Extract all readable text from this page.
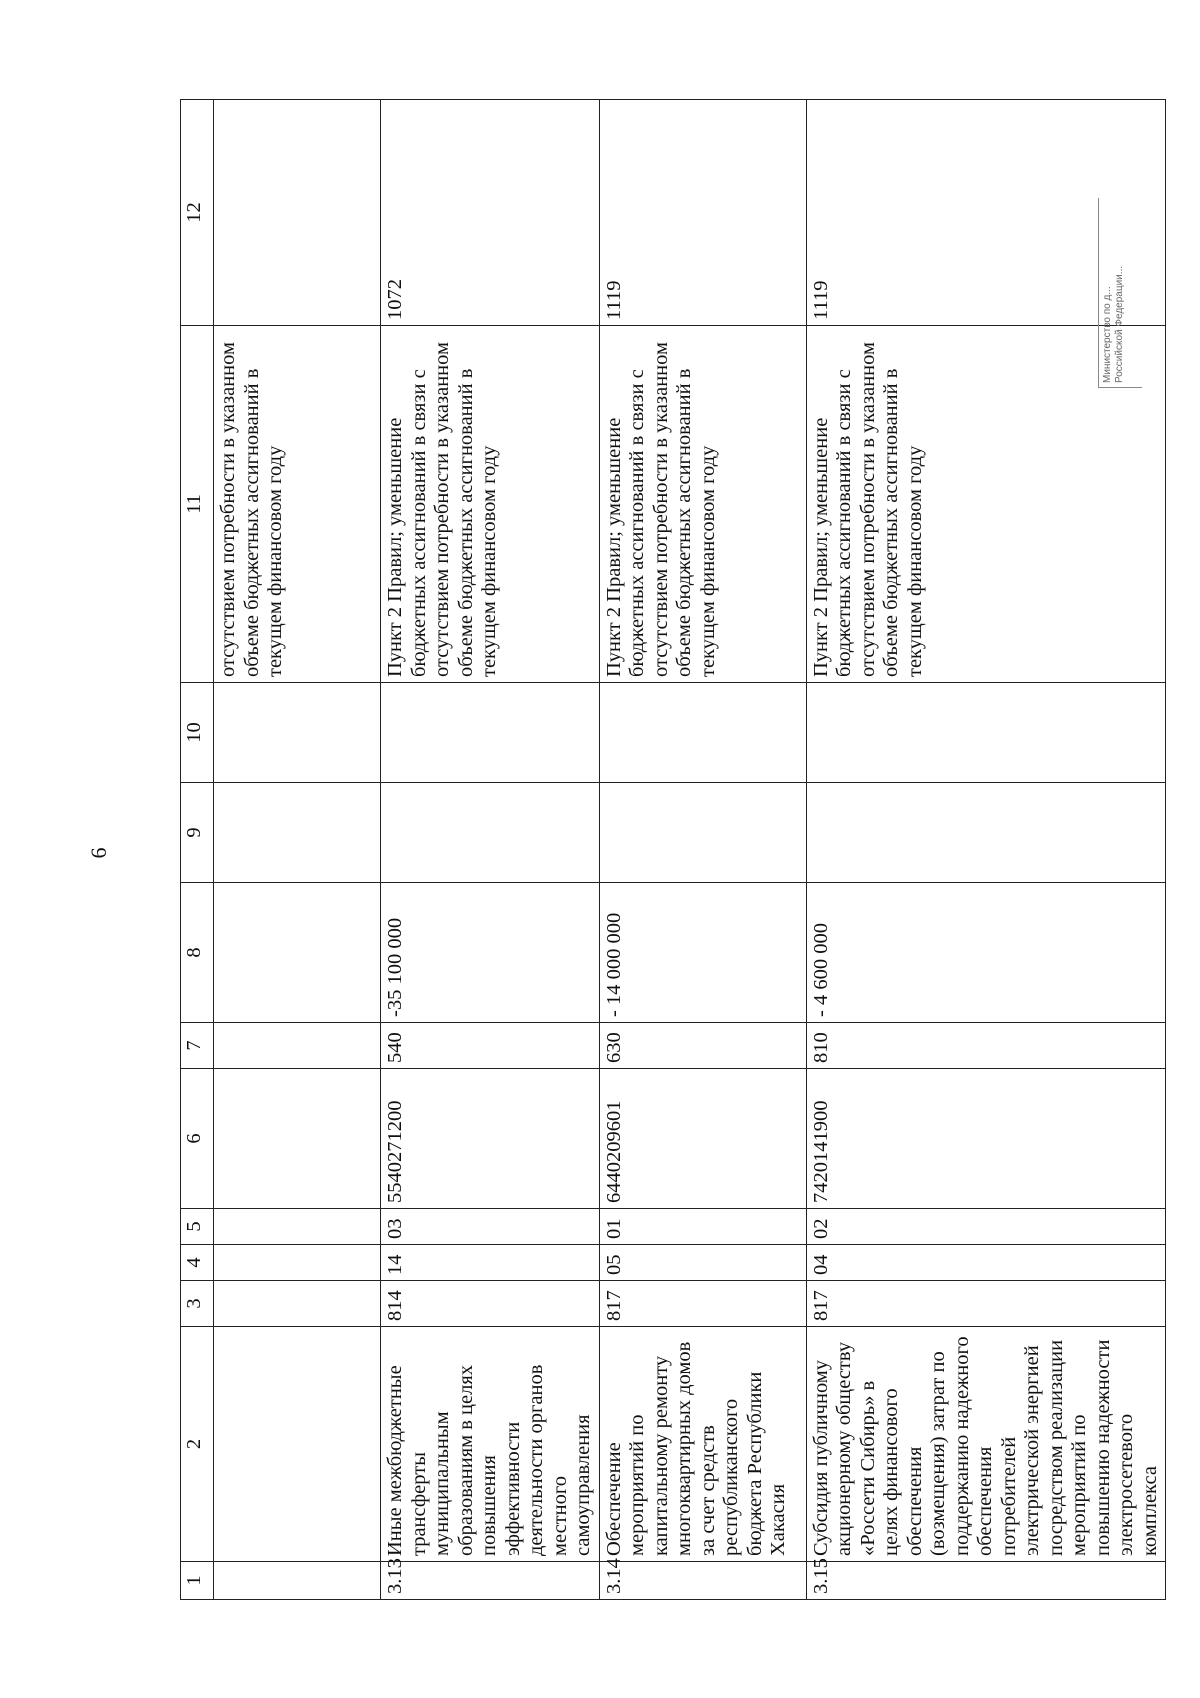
6
1	2	3	4	5	6	7	8	9	10	11	12
										отсутствием потребности в указанном объеме бюджетных ассигнований в текущем финансовом году	
3.13	Иные межбюджетные трансферты муниципальным образованиям в целях повышения эффективности деятельности органов местного самоуправления	814	14	03	5540271200	540	-35 100 000			Пункт 2 Правил; уменьшение бюджетных ассигнований в связи с отсутствием потребности в указанном объеме бюджетных ассигнований в текущем финансовом году	1072
3.14	Обеспечение мероприятий по капитальному ремонту многоквартирных домов за счет средств республиканского бюджета Республики Хакасия	817	05	01	6440209601	630	- 14 000 000			Пункт 2 Правил; уменьшение бюджетных ассигнований в связи с отсутствием потребности в указанном объеме бюджетных ассигнований в текущем финансовом году	1119
3.15	Субсидия публичному акционерному обществу «Россети Сибирь» в целях финансового обеспечения (возмещения) затрат по поддержанию надежного обеспечения потребителей электрической энергией посредством реализации мероприятий по повышению надежности электросетевого комплекса	817	04	02	7420141900	810	- 4 600 000			Пункт 2 Правил; уменьшение бюджетных ассигнований в связи с отсутствием потребности в указанном объеме бюджетных ассигнований в текущем финансовом году	1119	Министерство по д... Российской Федерации...
